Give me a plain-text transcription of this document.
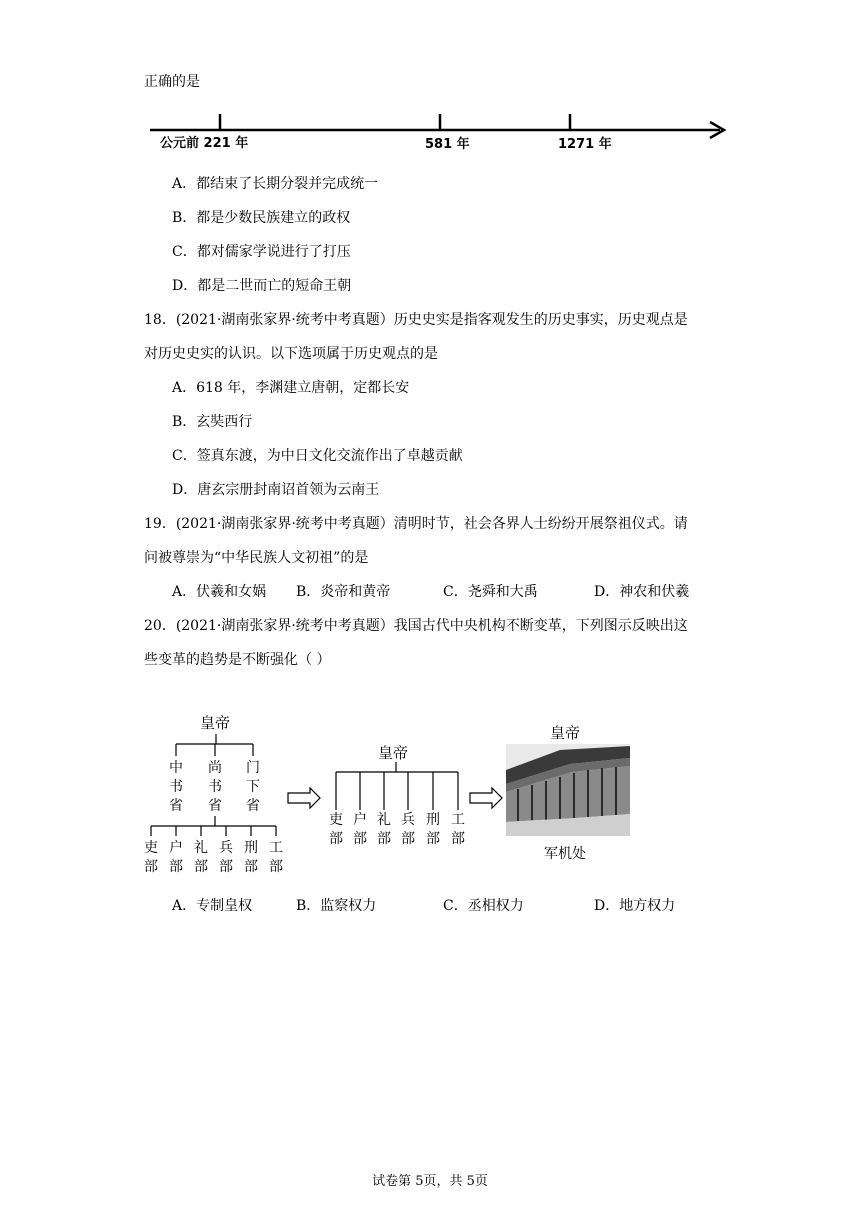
正确的是
公元前 221 年	581 年	1271 年
A．都结束了长期分裂并完成统一
B．都是少数民族建立的政权
C．都对儒家学说进行了打压
D．都是二世而亡的短命王朝
18．(2021·湖南张家界·统考中考真题）历史史实是指客观发生的历史事实，历史观点是
对历史史实的认识。以下选项属于历史观点的是
A．618 年，李渊建立唐朝，定都长安
B．玄奘西行
C．签真东渡，为中日文化交流作出了卓越贡献
D．唐玄宗册封南诏首领为云南王
19．(2021·湖南张家界·统考中考真题）清明时节，社会各界人士纷纷开展祭祖仪式。请
问被尊崇为“中华民族人文初祖”的是
A．伏羲和女娲 B．炎帝和黄帝	C．尧舜和大禹	D．神农和伏羲
20．(2021·湖南张家界·统考中考真题）我国古代中央机构不断变革，下列图示反映出这
些变革的趋势是不断强化（ ）
皇帝
中书省
尚书省
门下省
吏部
户部
礼部
兵部
刑部
工部
皇帝
吏部
户部
礼部
兵部
刑部
工部
皇帝
军机处
A．专制皇权	B．监察权力	C．丞相权力	D．地方权力
试卷第 5页，共 5页
